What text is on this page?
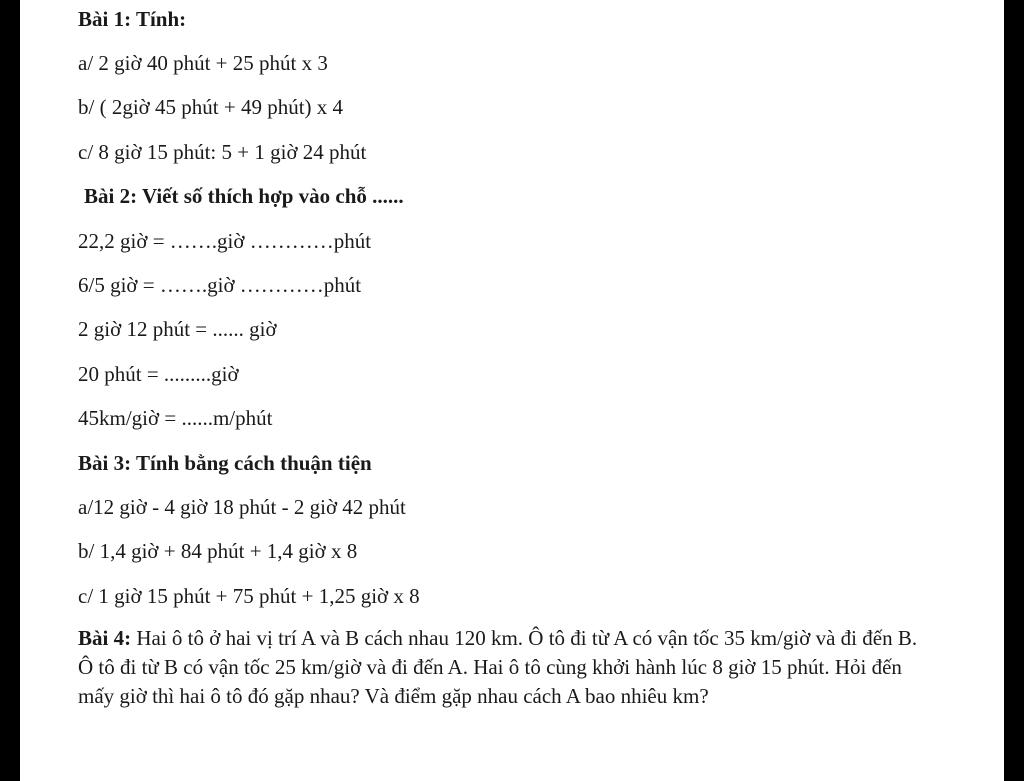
Bài 1: Tính:
a/ 2 giờ 40 phút + 25 phút x 3
b/ ( 2giờ 45 phút + 49 phút) x 4
c/ 8 giờ 15 phút: 5 + 1 giờ 24 phút
Bài 2: Viết số thích hợp vào chỗ ......
22,2 giờ = …….giờ …………phút
6/5 giờ = …….giờ …………phút
2 giờ 12 phút = ...... giờ
20 phút = .........giờ
45km/giờ = ......m/phút
Bài 3: Tính bằng cách thuận tiện
a/12 giờ - 4 giờ 18 phút - 2 giờ 42 phút
b/ 1,4 giờ + 84 phút + 1,4 giờ x 8
c/ 1 giờ 15 phút + 75 phút + 1,25 giờ x 8
Bài 4: Hai ô tô ở hai vị trí A và B cách nhau 120 km. Ô tô đi từ A có vận tốc 35 km/giờ và đi đến B. Ô tô đi từ B có vận tốc 25 km/giờ và đi đến A. Hai ô tô cùng khởi hành lúc 8 giờ 15 phút. Hỏi đến mấy giờ thì hai ô tô đó gặp nhau? Và điểm gặp nhau cách A bao nhiêu km?
